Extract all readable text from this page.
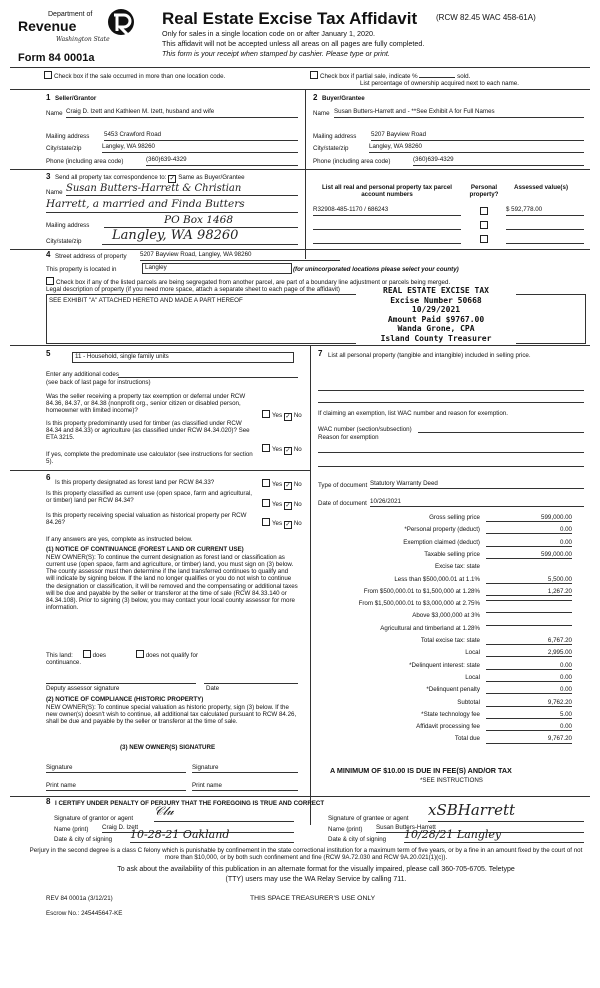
Department of
Revenue
Washington State
Form 84 0001a
Real Estate Excise Tax Affidavit (RCW 82.45 WAC 458-61A)
Only for sales in a single location code on or after January 1, 2020.
This affidavit will not be accepted unless all areas on all pages are fully completed.
This form is your receipt when stamped by cashier. Please type or print.
Check box if the sale occurred in more than one location code.	Check box if partial sale, indicate %	sold.
List percentage of ownership acquired next to each name.
1 Seller/Grantor
Name Craig D. Izett and Kathleen M. Izett, husband and wife
Mailing address 5453 Crawford Road
City/state/zip	Langley, WA 98260
Phone (including area code)	(360)639-4329
2 Buyer/Grantee
Name Susan Butters-Harrett and - **See Exhibit A for Full Names
Mailing address 5207 Bayview Road
City/state/zip	Langley, WA 98260
Phone (including area code)	(360)639-4329
3 Send all property tax correspondence to: ✓ Same as Buyer/Grantee
Name Susan Butters-Harrett & Christian
Harrett, a married and Finda Butters
Mailing address	PO Box 1468
City/state/zip	Langley, WA 98260
List all real and personal property tax parcel account numbers
Personal property?
Assessed value(s)
R32908-485-1170 / 686243	$ 592,778.00
4 Street address of property 5207 Bayview Road, Langley, WA 98260
This property is located in	Langley	(for unincorporated locations please select your county)
Check box if any of the listed parcels are being segregated from another parcel, are part of a boundary line adjustment or parcels being merged.
Legal description of property (if you need more space, attach a separate sheet to each page of the affidavit)
SEE EXHIBIT "A" ATTACHED HERETO AND MADE A PART HEREOF
REAL ESTATE EXCISE TAX
Excise Number 50668
10/29/2021
Amount Paid $9767.00
Wanda Grone, CPA
Island County Treasurer
5	11 - Household, single family units
Enter any additional codes
(see back of last page for instructions)
Was the seller receiving a property tax exemption or deferral under RCW 84.36, 84.37, or 84.38 (nonprofit org., senior citizen or disabled person, homeowner with limited income)?
Yes ✓ No
Is this property predominantly used for timber (as classified under RCW 84.34 and 84.33) or agriculture (as classified under RCW 84.34.020)? See ETA 3215.
Yes ✓ No
If yes, complete the predominate use calculator (see instructions for section 5).
6
Is this property designated as forest land per RCW 84.33?	Yes ✓ No
Is this property classified as current use (open space, farm and agricultural, or timber) land per RCW 84.34?
Yes ✓ No
Is this property receiving special valuation as historical property per RCW 84.26?	Yes ✓ No
If any answers are yes, complete as instructed below.
(1) NOTICE OF CONTINUANCE (FOREST LAND OR CURRENT USE)
NEW OWNER(S): To continue the current designation as forest land or classification as current use (open space, farm and agriculture, or timber) land, you must sign on (3) below. The county assessor must then determine if the land transferred continues to qualify and will indicate by signing below. If the land no longer qualifies or you do not wish to continue the designation or classification, it will be removed and the compensating or additional taxes will be due and payable by the seller or transferor at the time of sale (RCW 84.33.140 or 84.34.108). Prior to signing (3) below, you may contact your local county assessor for more information.
This land:	does	does not qualify for
continuance.
Deputy assessor signature	Date
(2) NOTICE OF COMPLIANCE (HISTORIC PROPERTY)
NEW OWNER(S): To continue special valuation as historic property, sign (3) below. If the new owner(s) doesn't wish to continue, all additional tax calculated pursuant to RCW 84.26, shall be due and payable by the seller or transferor at the time of sale.
(3) NEW OWNER(S) SIGNATURE
Signature	Signature
Print name	Print name
7 List all personal property (tangible and intangible) included in selling price.
If claiming an exemption, list WAC number and reason for exemption.
WAC number (section/subsection)
Reason for exemption
Type of document Statutory Warranty Deed
Date of document 10/26/2021
Gross selling price	599,000.00
*Personal property (deduct)	0.00
Exemption claimed (deduct)	0.00
Taxable selling price	599,000.00
Excise tax: state
Less than $500,000.01 at 1.1%	5,500.00
From $500,000.01 to $1,500,000 at 1.28%	1,267.20
From $1,500,000.01 to $3,000,000 at 2.75%
Above $3,000,000 at 3%
Agricultural and timberland at 1.28%
Total excise tax: state	6,767.20
Local	2,995.00
*Delinquent interest: state	0.00
Local	0.00
*Delinquent penalty	0.00
Subtotal	9,762.20
*State technology fee	5.00
Affidavit processing fee	0.00
Total due	9,767.20
A MINIMUM OF $10.00 IS DUE IN FEE(S) AND/OR TAX
*SEE INSTRUCTIONS
8 I CERTIFY UNDER PENALTY OF PERJURY THAT THE FOREGOING IS TRUE AND CORRECT
Signature of grantor or agent
𝒞𝓁𝓊
Name (print) Craig D. Izett
Date & city of signing 10-28-21 Oakland
Signature of grantee or agent xSBHarrett
Name (print) Susan Butters-Harrett
Date & city of signing 10/28/21 Langley
Perjury in the second degree is a class C felony which is punishable by confinement in the state correctional institution for a maximum term of five years, or by a fine in an amount fixed by the court of not more than $10,000, or by both such confinement and fine (RCW 9A.72.030 and RCW 9A.20.021(1)(c)).
To ask about the availability of this publication in an alternate format for the visually impaired, please call 360-705-6705. Teletype
(TTY) users may use the WA Relay Service by calling 711.
REV 84 0001a (3/12/21)	THIS SPACE TREASURER'S USE ONLY
Escrow No.: 245445647-KE
